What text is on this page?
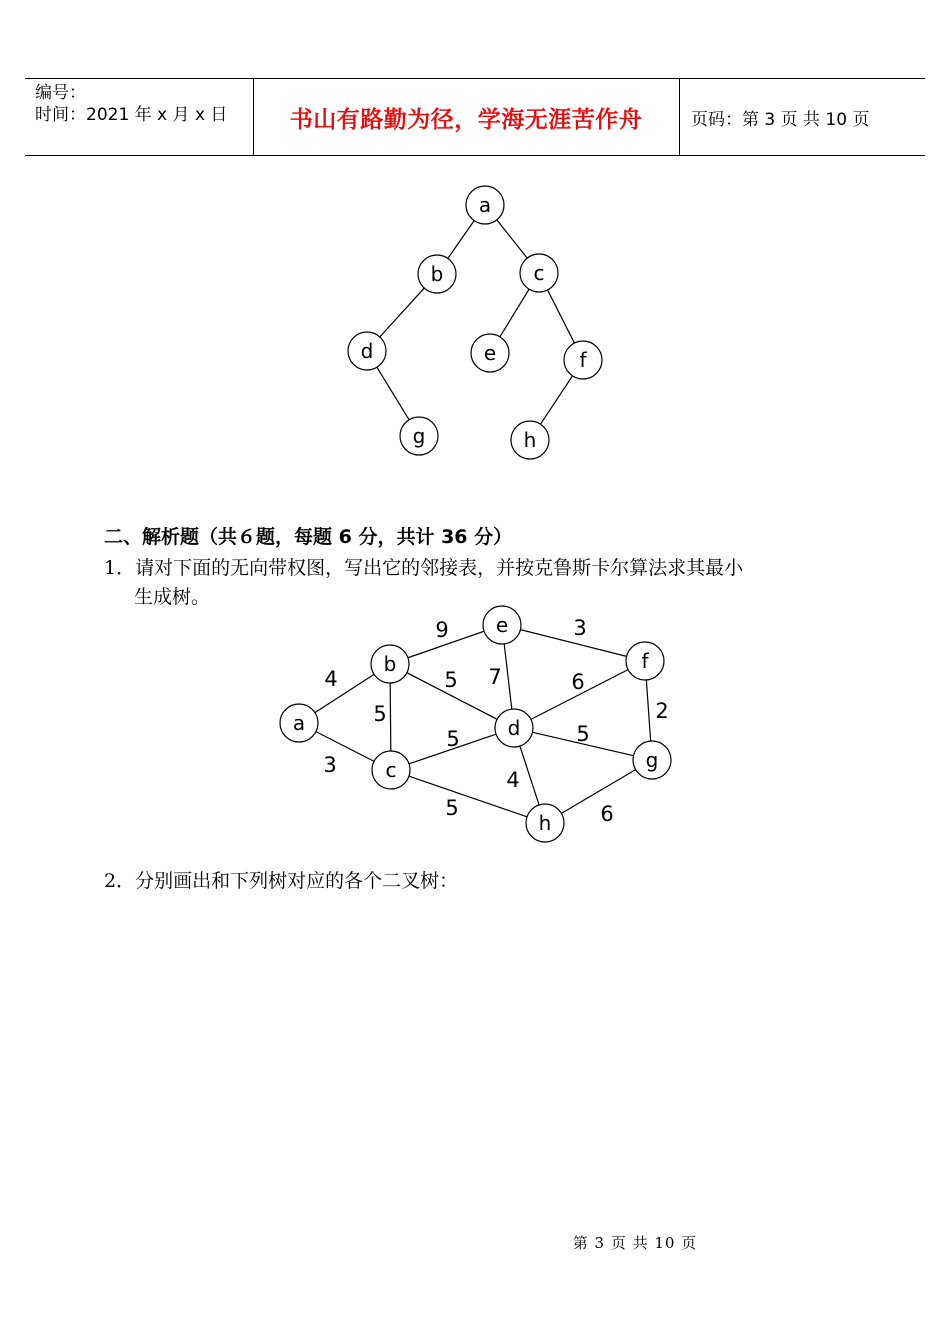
编号：
时间：2021 年 x 月 x 日	书山有路勤为径，学海无涯苦作舟	页码：第 3 页 共 10 页
a
b	c
d	e	f
g	h
二、解析题（共６题，每题 6 分，共计 36 分）
1．请对下面的无向带权图，写出它的邻接表，并按克鲁斯卡尔算法求其最小
生成树。
4
3
9
5
5 7
3
6
2
5	5
4
5	6
a
b
c
d
e
f
g
h
2．分别画出和下列树对应的各个二叉树：
第 3 页 共 10 页
